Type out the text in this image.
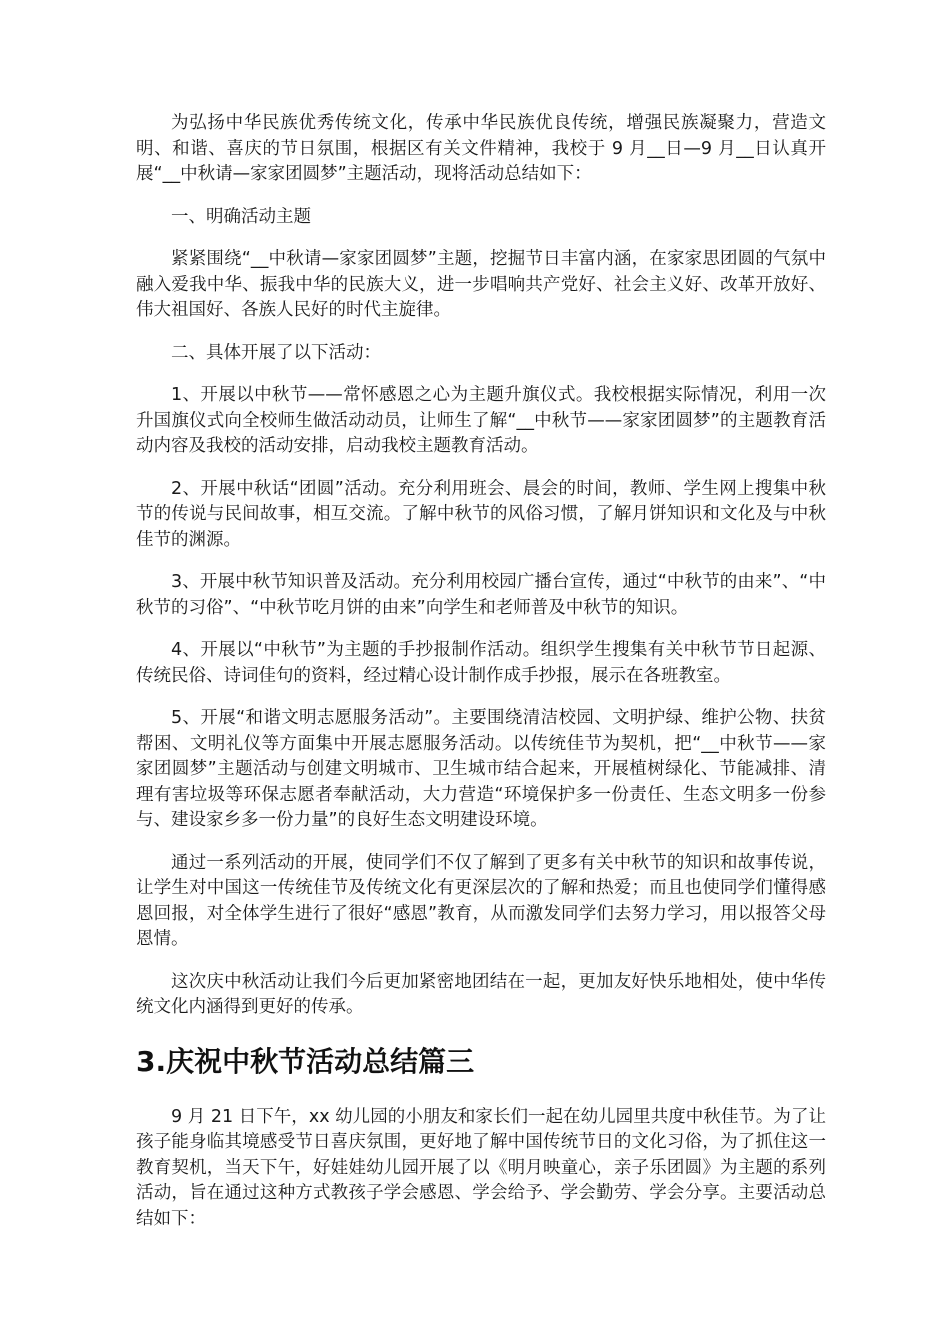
为弘扬中华民族优秀传统文化，传承中华民族优良传统，增强民族凝聚力，营造文明、和谐、喜庆的节日氛围，根据区有关文件精神，我校于 9 月__日—9 月__日认真开展“__中秋请—家家团圆梦”主题活动，现将活动总结如下：

一、明确活动主题

紧紧围绕“__中秋请—家家团圆梦”主题，挖掘节日丰富内涵，在家家思团圆的气氛中融入爱我中华、振我中华的民族大义，进一步唱响共产党好、社会主义好、改革开放好、伟大祖国好、各族人民好的时代主旋律。

二、具体开展了以下活动：

1、开展以中秋节——常怀感恩之心为主题升旗仪式。我校根据实际情况，利用一次升国旗仪式向全校师生做活动动员，让师生了解“__中秋节——家家团圆梦”的主题教育活动内容及我校的活动安排，启动我校主题教育活动。

2、开展中秋话“团圆”活动。充分利用班会、晨会的时间，教师、学生网上搜集中秋节的传说与民间故事，相互交流。了解中秋节的风俗习惯，了解月饼知识和文化及与中秋佳节的渊源。

3、开展中秋节知识普及活动。充分利用校园广播台宣传，通过“中秋节的由来”、“中秋节的习俗”、“中秋节吃月饼的由来”向学生和老师普及中秋节的知识。

4、开展以“中秋节”为主题的手抄报制作活动。组织学生搜集有关中秋节节日起源、传统民俗、诗词佳句的资料，经过精心设计制作成手抄报，展示在各班教室。

5、开展“和谐文明志愿服务活动”。主要围绕清洁校园、文明护绿、维护公物、扶贫帮困、文明礼仪等方面集中开展志愿服务活动。以传统佳节为契机，把“__中秋节——家家团圆梦”主题活动与创建文明城市、卫生城市结合起来，开展植树绿化、节能减排、清理有害垃圾等环保志愿者奉献活动，大力营造“环境保护多一份责任、生态文明多一份参与、建设家乡多一份力量”的良好生态文明建设环境。

通过一系列活动的开展，使同学们不仅了解到了更多有关中秋节的知识和故事传说，让学生对中国这一传统佳节及传统文化有更深层次的了解和热爱；而且也使同学们懂得感恩回报，对全体学生进行了很好“感恩”教育，从而激发同学们去努力学习，用以报答父母恩情。

这次庆中秋活动让我们今后更加紧密地团结在一起，更加友好快乐地相处，使中华传统文化内涵得到更好的传承。

3.庆祝中秋节活动总结篇三

9 月 21 日下午，xx 幼儿园的小朋友和家长们一起在幼儿园里共度中秋佳节。为了让孩子能身临其境感受节日喜庆氛围，更好地了解中国传统节日的文化习俗，为了抓住这一教育契机，当天下午，好娃娃幼儿园开展了以《明月映童心，亲子乐团圆》为主题的系列活动，旨在通过这种方式教孩子学会感恩、学会给予、学会勤劳、学会分享。主要活动总结如下：
